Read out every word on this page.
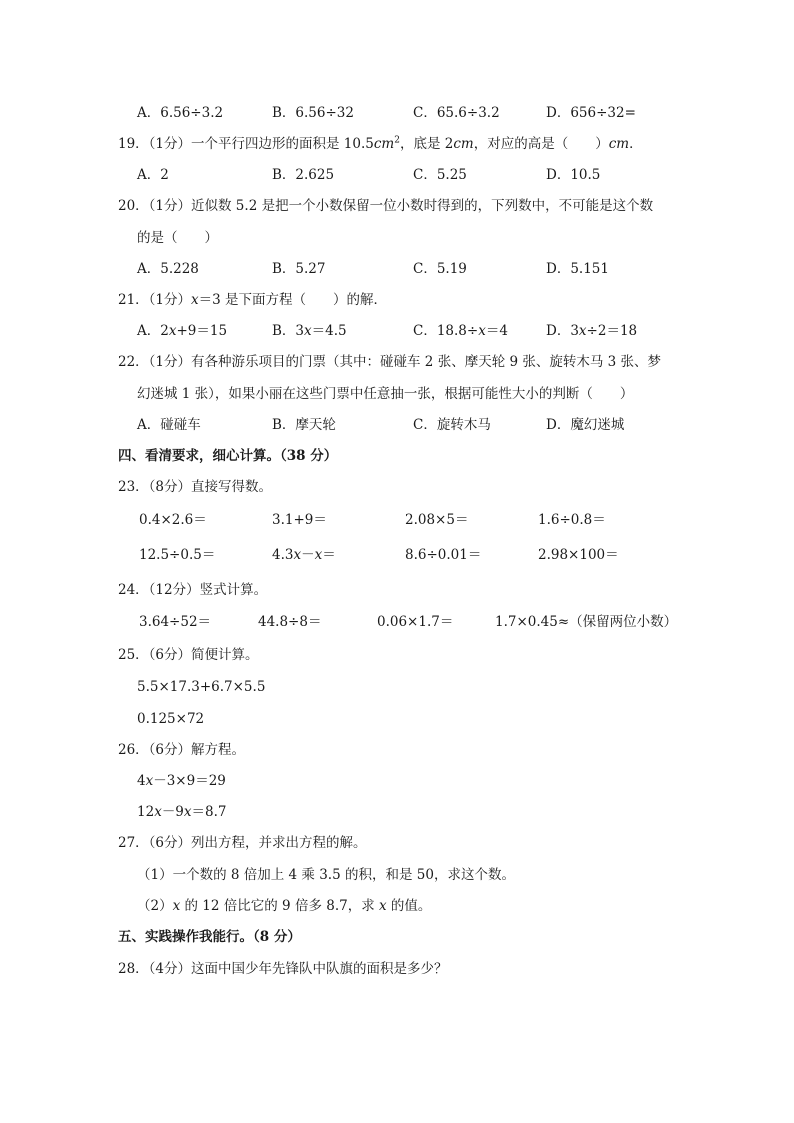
A．6.56÷3.2	B．6.56÷32	C．65.6÷3.2	D．656÷32=
19．（1分）一个平行四边形的面积是 $10.5cm^2$，底是 2cm，对应的高是（　　）cm．
A．2	B．2.625	C．5.25	D．10.5
20．（1分）近似数 5.2 是把一个小数保留一位小数时得到的，下列数中，不可能是这个数
的是（　　）
A．5.228	B．5.27	C．5.19	D．5.151
21．（1分）x＝3 是下面方程（　　）的解．
A．2x+9＝15	B．3x＝4.5	C．18.8÷x＝4	D．3x÷2＝18
22．（1分）有各种游乐项目的门票（其中：碰碰车 2 张、摩天轮 9 张、旋转木马 3 张、梦
幻迷城 1 张），如果小丽在这些门票中任意抽一张，根据可能性大小的判断（　　）
A．碰碰车	B．摩天轮	C．旋转木马	D．魔幻迷城
四、看清要求，细心计算。（38 分）
23．（8分）直接写得数。
0.4×2.6＝	3.1+9＝	2.08×5＝	1.6÷0.8＝
12.5÷0.5＝	4.3x－x＝	8.6÷0.01＝	2.98×100＝
24．（12分）竖式计算。
3.64÷52＝	44.8÷8＝	0.06×1.7＝	1.7×0.45≈（保留两位小数）
25．（6分）简便计算。
5.5×17.3+6.7×5.5
0.125×72
26．（6分）解方程。
4x－3×9＝29
12x－9x＝8.7
27．（6分）列出方程，并求出方程的解。
（1）一个数的 8 倍加上 4 乘 3.5 的积，和是 50，求这个数。
（2）x 的 12 倍比它的 9 倍多 8.7，求 x 的值。
五、实践操作我能行。（8 分）
28．（4分）这面中国少年先锋队中队旗的面积是多少？
